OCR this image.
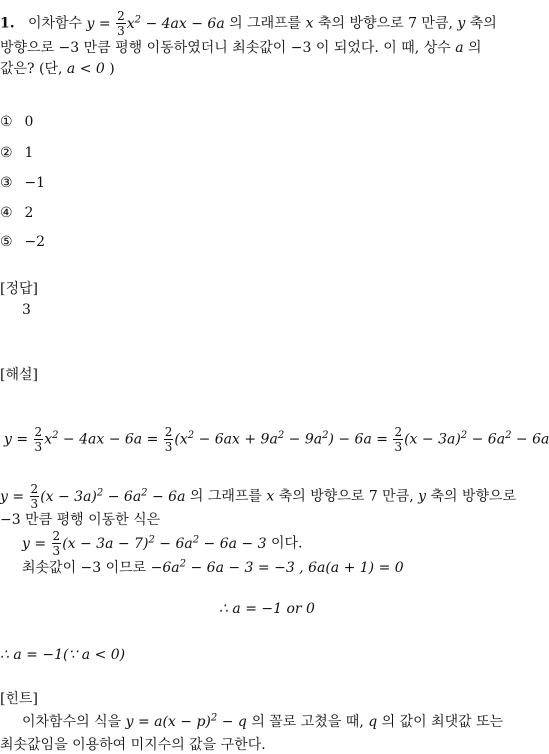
1. 이차함수 $y = \frac{2}{3} x^2 - 4ax - 6a$ 의 그래프를 x 축의 방향으로 7 만큼, y 축의
방향으로 −3 만큼 평행 이동하였더니 최솟값이 −3 이 되었다. 이 때, 상수 a 의
값은? (단, a < 0 )
① 0
② 1
③ −1
④ 2
⑤ −2
[정답]
3
[해설]
$y = \frac{2}{3} x^2 - 4ax - 6a = \frac{2}{3} (x^2 - 6ax + 9a^2 - 9a^2) - 6a = \frac{2}{3} (x - 3a)^2 - 6a^2 - 6a$
$y = \frac{2}{3} (x - 3a)^2 - 6a^2 - 6a$ 의 그래프를 x 축의 방향으로 7 만큼, y 축의 방향으로
−3 만큼 평행 이동한 식은
$y = \frac{2}{3} (x - 3a - 7)^2 - 6a^2 - 6a - 3$ 이다.
최솟값이 −3 이므로 $-6a^2 - 6a - 3 = -3$ , 6a(a + 1) = 0
∴ a = −1 or 0
∴ a = −1(∵ a < 0)
[힌트]
이차함수의 식을 $y = a(x - p)^2 - q$ 의 꼴로 고쳤을 때, q 의 값이 최댓값 또는
최솟값임을 이용하여 미지수의 값을 구한다.
